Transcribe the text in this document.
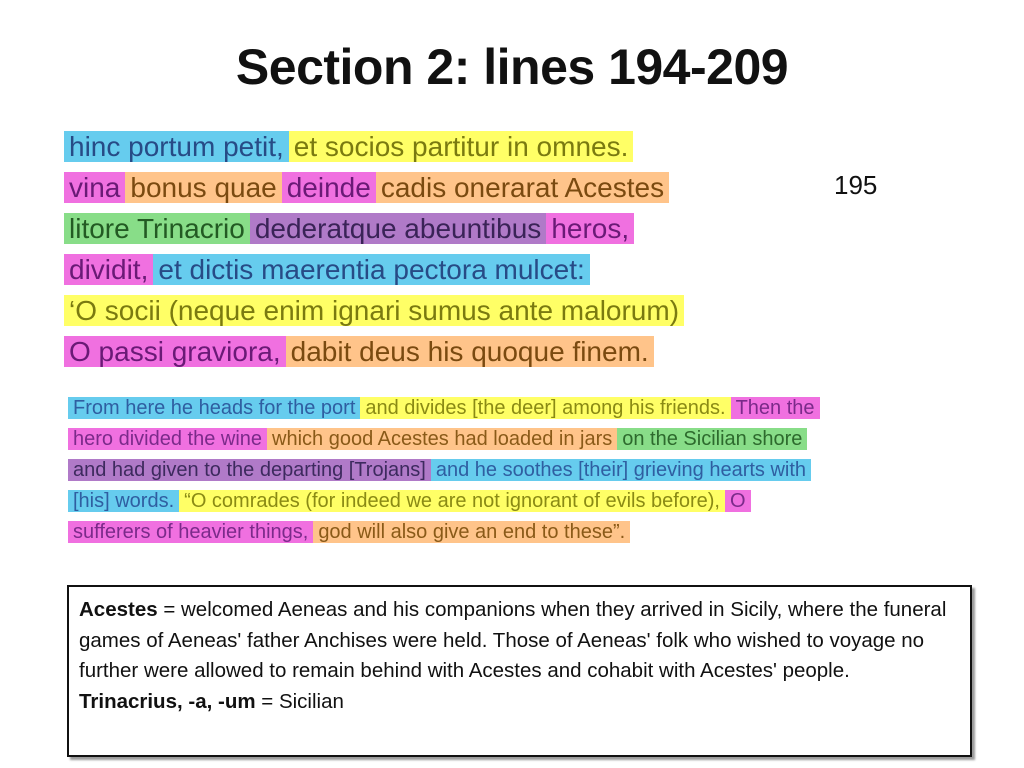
Section 2: lines 194-209
hinc portum petit, et socios partitur in omnes.
vina bonus quae deinde cadis onerarat Acestes
litore Trinacrio dederatque abeuntibus heros,
dividit, et dictis maerentia pectora mulcet:
‘O socii (neque enim ignari sumus ante malorum)
O passi graviora, dabit deus his quoque finem.
195
From here he heads for the port and divides [the deer] among his friends. Then the
hero divided the wine which good Acestes had loaded in jars on the Sicilian shore
and had given to the departing [Trojans] and he soothes [their] grieving hearts with
[his] words. “O comrades (for indeed we are not ignorant of evils before), O
sufferers of heavier things, god will also give an end to these”.
Acestes = welcomed Aeneas and his companions when they arrived in Sicily, where the funeral games of Aeneas' father Anchises were held. Those of Aeneas' folk who wished to voyage no further were allowed to remain behind with Acestes and cohabit with Acestes' people.
Trinacrius, -a, -um = Sicilian
